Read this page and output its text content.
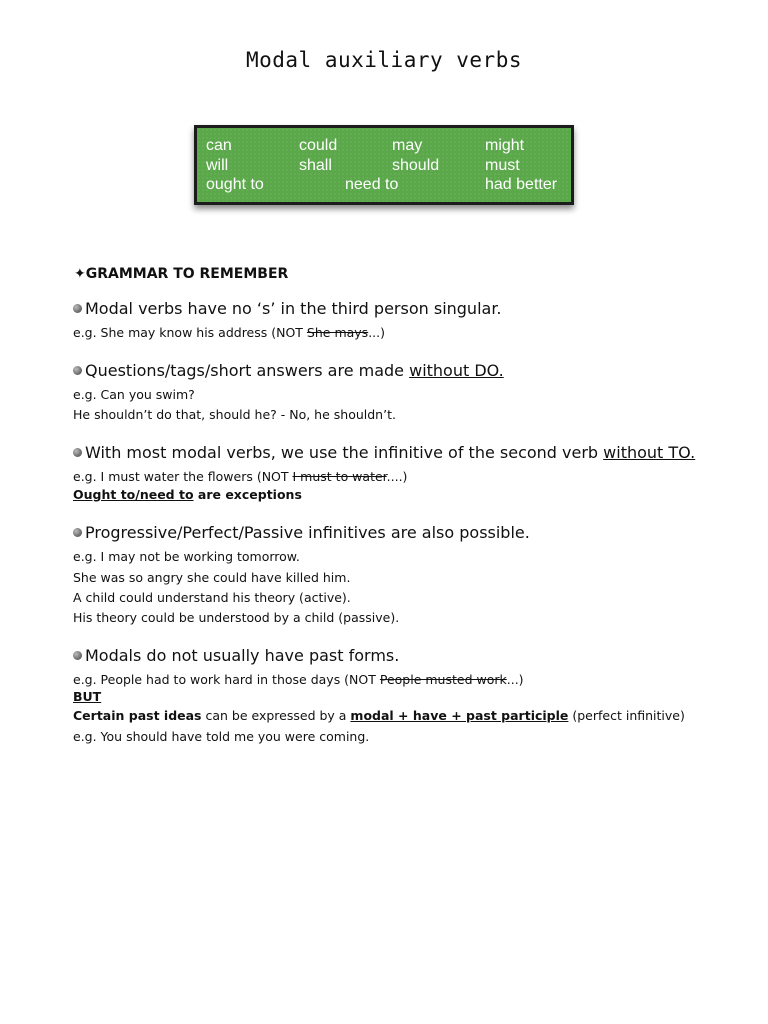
Modal auxiliary verbs
can	could	may	might
will	shall	should	must
ought to	need to	had better
✦GRAMMAR TO REMEMBER
Modal verbs have no ‘s’ in the third person singular.
e.g. She may know his address (NOT She mays...)
Questions/tags/short answers are made without DO.
e.g. Can you swim?
He shouldn’t do that, should he? - No, he shouldn’t.
With most modal verbs, we use the infinitive of the second verb without TO.
e.g. I must water the flowers (NOT I must to water....)
Ought to/need to are exceptions
Progressive/Perfect/Passive infinitives are also possible.
e.g. I may not be working tomorrow.
She was so angry she could have killed him.
A child could understand his theory (active).
His theory could be understood by a child (passive).
Modals do not usually have past forms.
e.g. People had to work hard in those days (NOT People musted work...)
BUT
Certain past ideas can be expressed by a modal + have + past participle (perfect infinitive)
e.g. You should have told me you were coming.
